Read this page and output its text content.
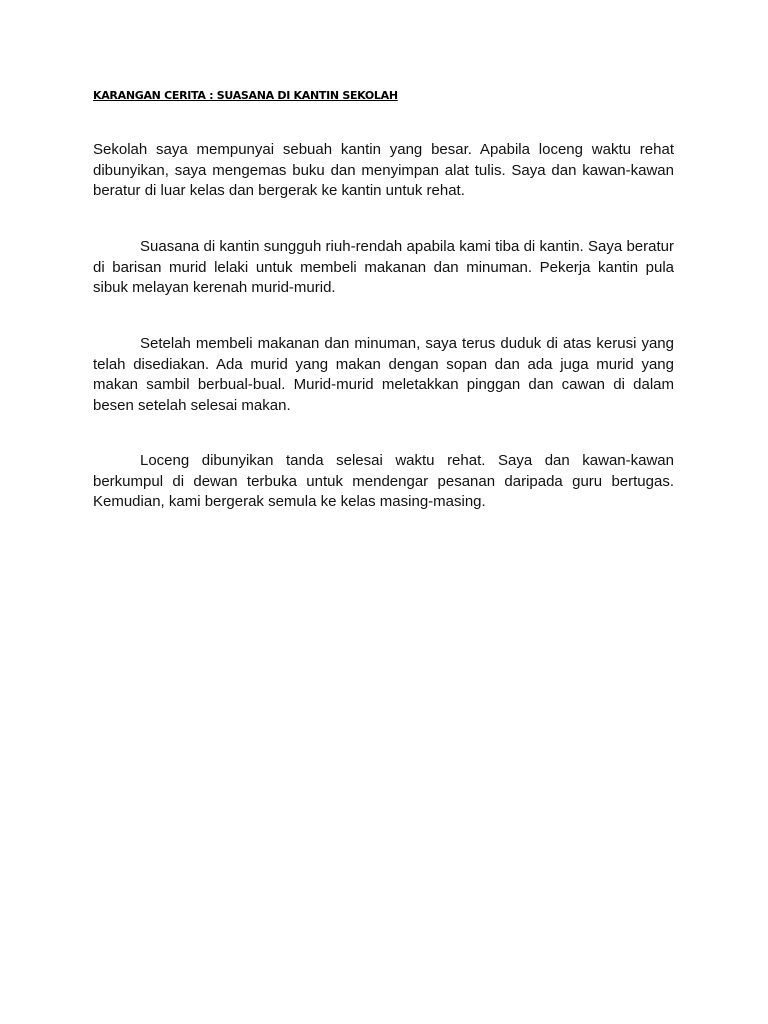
KARANGAN CERITA : SUASANA DI KANTIN SEKOLAH

Sekolah saya mempunyai sebuah kantin yang besar. Apabila loceng waktu rehat dibunyikan, saya mengemas buku dan menyimpan alat tulis. Saya dan kawan-kawan beratur di luar kelas dan bergerak ke kantin untuk rehat.

Suasana di kantin sungguh riuh-rendah apabila kami tiba di kantin. Saya beratur di barisan murid lelaki untuk membeli makanan dan minuman. Pekerja kantin pula sibuk melayan kerenah murid-murid.

Setelah membeli makanan dan minuman, saya terus duduk di atas kerusi yang telah disediakan. Ada murid yang makan dengan sopan dan ada juga murid yang makan sambil berbual-bual. Murid-murid meletakkan pinggan dan cawan di dalam besen setelah selesai makan.

Loceng dibunyikan tanda selesai waktu rehat. Saya dan kawan-kawan berkumpul di dewan terbuka untuk mendengar pesanan daripada guru bertugas. Kemudian, kami bergerak semula ke kelas masing-masing.
